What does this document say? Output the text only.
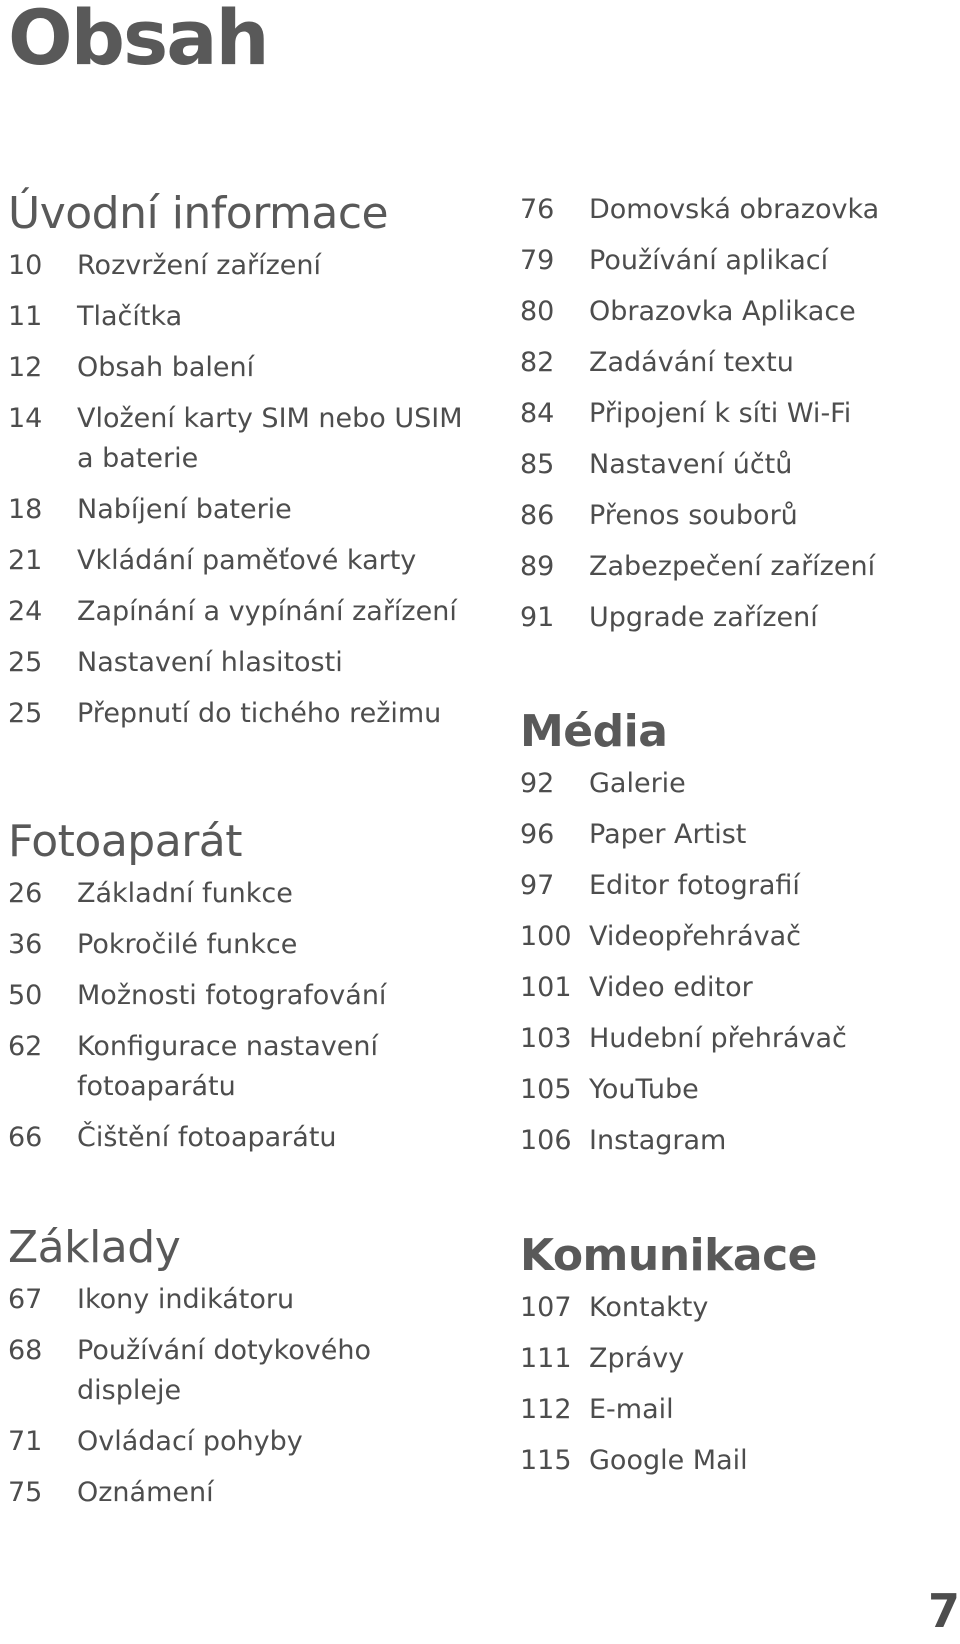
Obsah
Úvodní informace
10	Rozvržení zařízení
11	Tlačítka
12	Obsah balení
14	Vložení karty SIM nebo USIM a baterie
18	Nabíjení baterie
21	Vkládání paměťové karty
24	Zapínání a vypínání zařízení
25	Nastavení hlasitosti
25	Přepnutí do tichého režimu
Fotoaparát
26	Základní funkce
36	Pokročilé funkce
50	Možnosti fotografování
62	Konfigurace nastavení fotoaparátu
66	Čištění fotoaparátu
Základy
67	Ikony indikátoru
68	Používání dotykového displeje
71	Ovládací pohyby
75	Oznámení
76	Domovská obrazovka
79	Používání aplikací
80	Obrazovka Aplikace
82	Zadávání textu
84	Připojení k síti Wi-Fi
85	Nastavení účtů
86	Přenos souborů
89	Zabezpečení zařízení
91	Upgrade zařízení
Média
92	Galerie
96	Paper Artist
97	Editor fotografií
100 Videopřehrávač
101 Video editor
103 Hudební přehrávač
105 YouTube
106 Instagram
Komunikace
107 Kontakty
111 Zprávy
112 E-mail
115 Google Mail
7
